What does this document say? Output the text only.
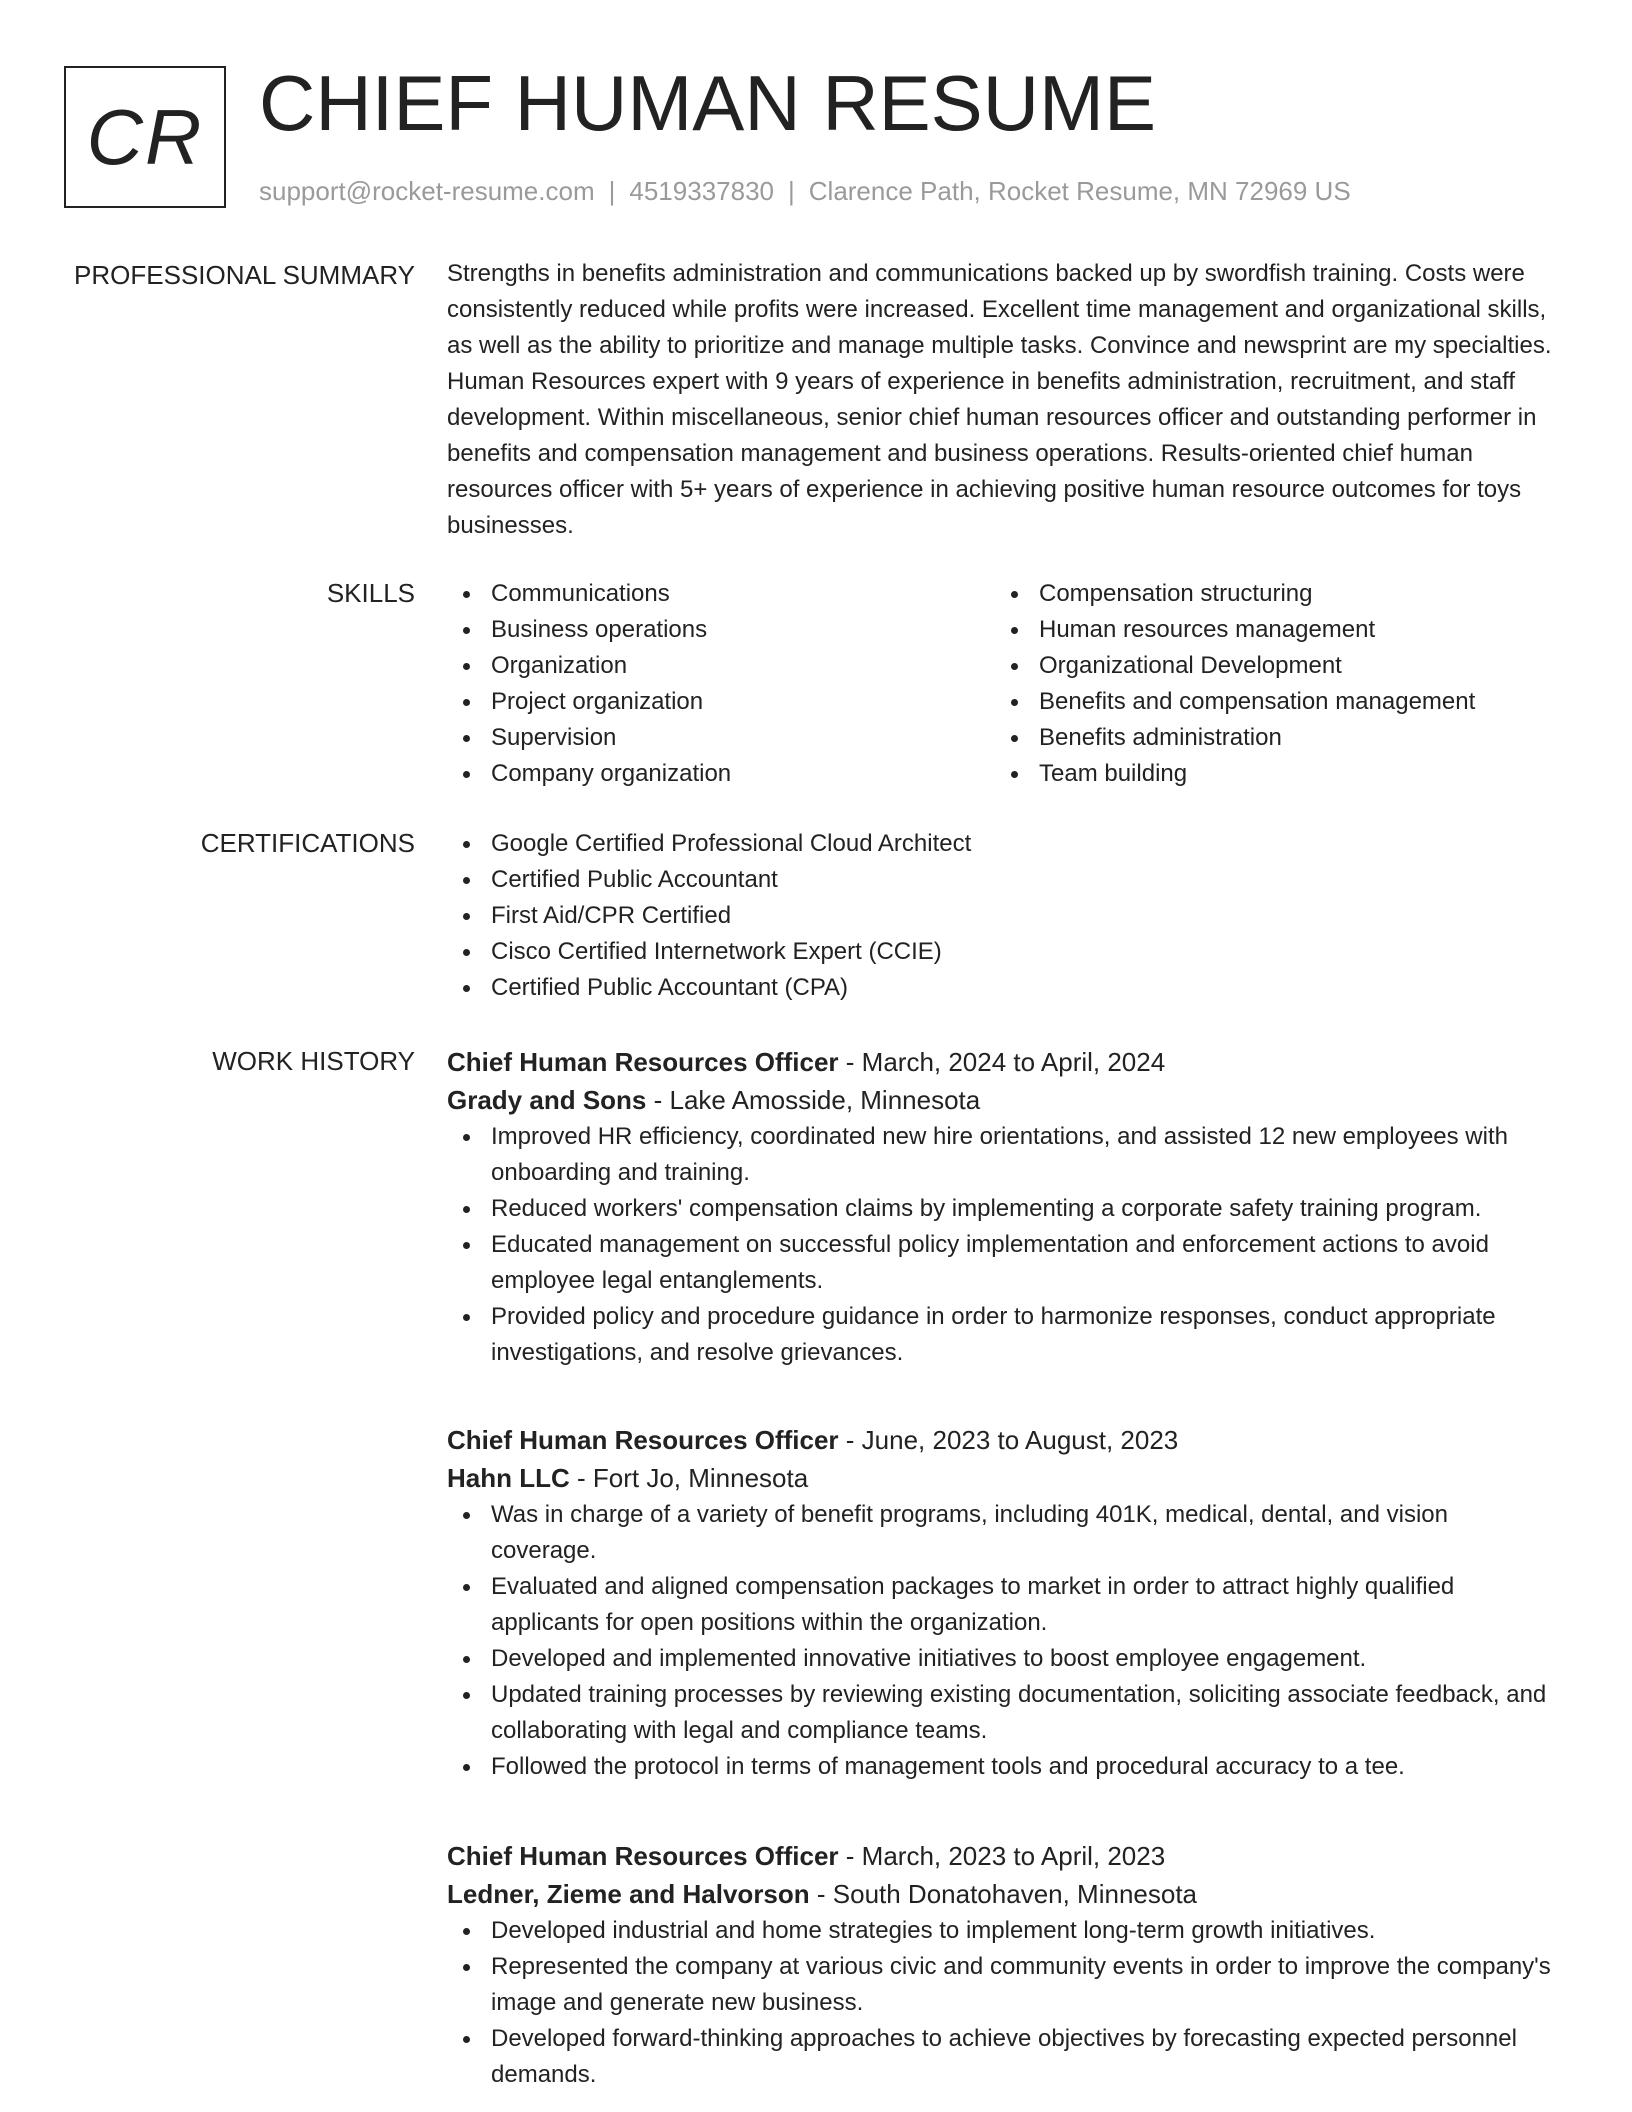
CR CHIEF HUMAN RESUME
support@rocket-resume.com | 4519337830 | Clarence Path, Rocket Resume, MN 72969 US
PROFESSIONAL SUMMARY Strengths in benefits administration and communications backed up by swordfish training. Costs were consistently reduced while profits were increased. Excellent time management and organizational skills, as well as the ability to prioritize and manage multiple tasks. Convince and newsprint are my specialties. Human Resources expert with 9 years of experience in benefits administration, recruitment, and staff development. Within miscellaneous, senior chief human resources officer and outstanding performer in benefits and compensation management and business operations. Results-oriented chief human resources officer with 5+ years of experience in achieving positive human resource outcomes for toys businesses.

SKILLS	Communications
Business operations
Organization
Project organization
Supervision
Company organization
Compensation structuring
Human resources management
Organizational Development
Benefits and compensation management
Benefits administration
Team building
CERTIFICATIONS	Google Certified Professional Cloud Architect
Certified Public Accountant
First Aid/CPR Certified
Cisco Certified Internetwork Expert (CCIE)
Certified Public Accountant (CPA)
WORK HISTORY Chief Human Resources Officer - March, 2024 to April, 2024
Grady and Sons - Lake Amosside, Minnesota
Improved HR efficiency, coordinated new hire orientations, and assisted 12 new employees with onboarding and training.
Reduced workers' compensation claims by implementing a corporate safety training program.
Educated management on successful policy implementation and enforcement actions to avoid employee legal entanglements.
Provided policy and procedure guidance in order to harmonize responses, conduct appropriate investigations, and resolve grievances.
Chief Human Resources Officer - June, 2023 to August, 2023
Hahn LLC - Fort Jo, Minnesota
Was in charge of a variety of benefit programs, including 401K, medical, dental, and vision coverage.
Evaluated and aligned compensation packages to market in order to attract highly qualified applicants for open positions within the organization.
Developed and implemented innovative initiatives to boost employee engagement.
Updated training processes by reviewing existing documentation, soliciting associate feedback, and collaborating with legal and compliance teams.
Followed the protocol in terms of management tools and procedural accuracy to a tee.
Chief Human Resources Officer - March, 2023 to April, 2023
Ledner, Zieme and Halvorson - South Donatohaven, Minnesota
Developed industrial and home strategies to implement long-term growth initiatives.
Represented the company at various civic and community events in order to improve the company's image and generate new business.
Developed forward-thinking approaches to achieve objectives by forecasting expected personnel demands.
